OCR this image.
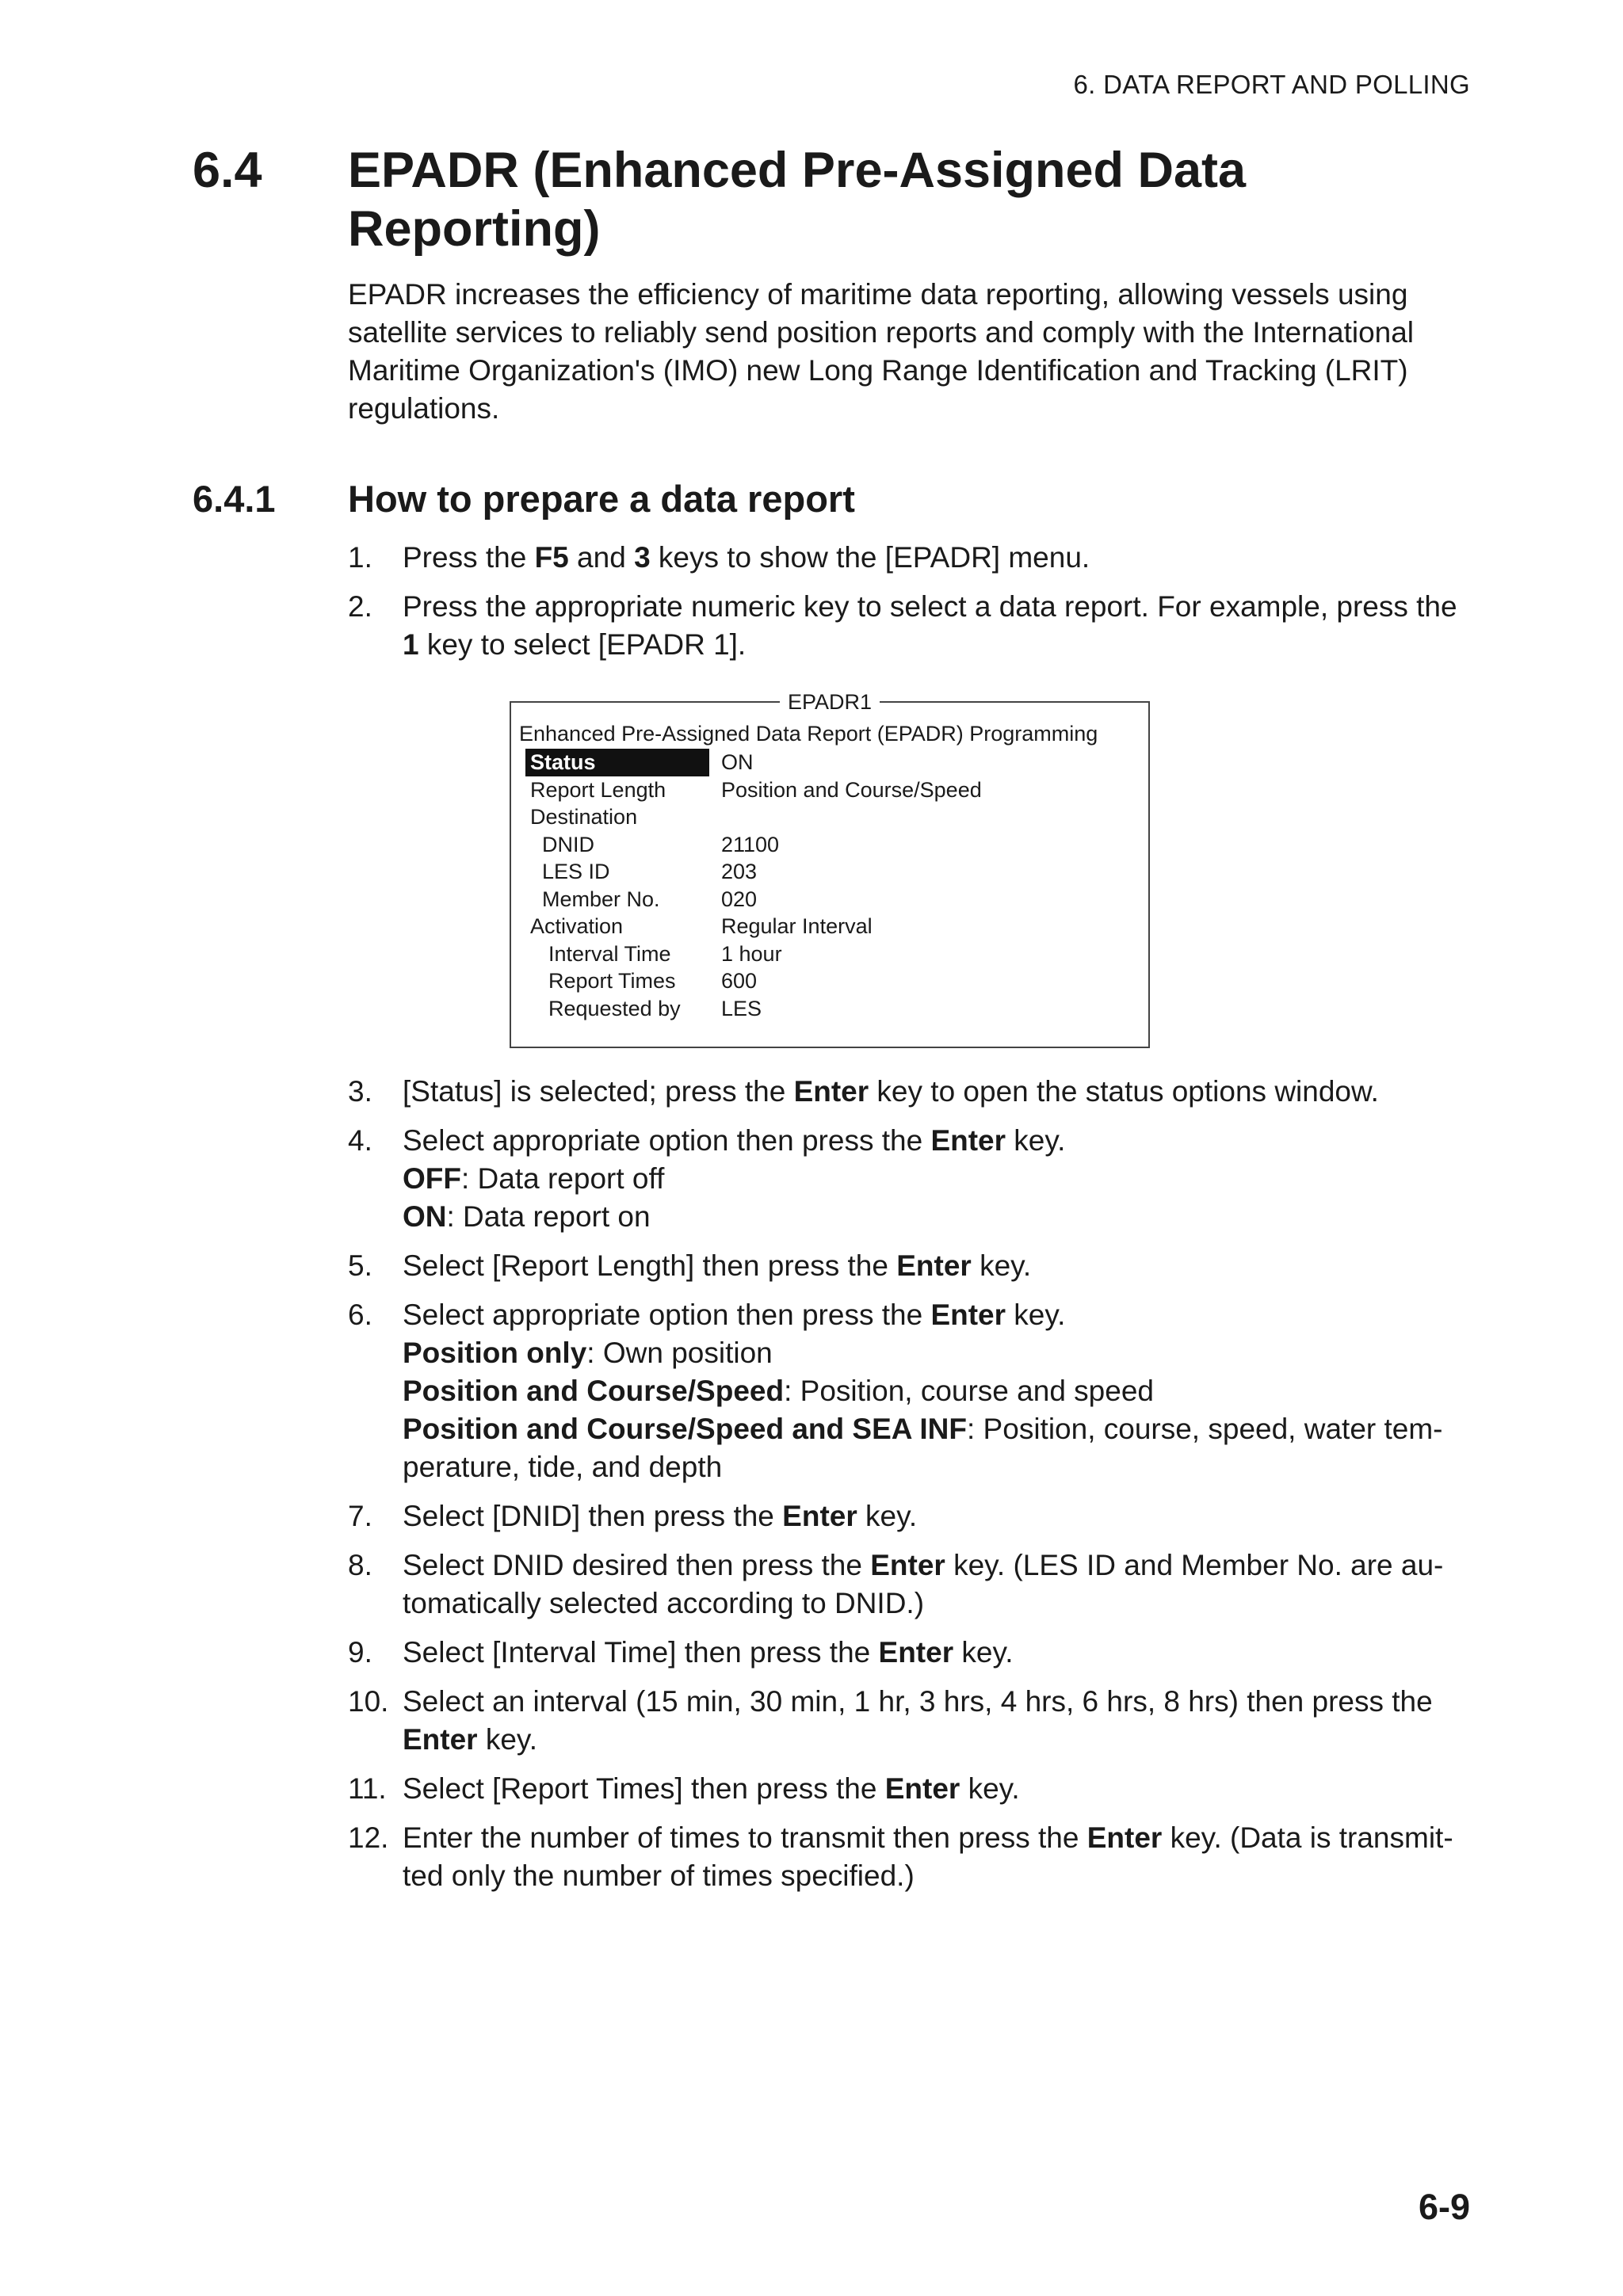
6. DATA REPORT AND POLLING
6.4 EPADR (Enhanced Pre-Assigned Data Reporting)
EPADR increases the efficiency of maritime data reporting, allowing vessels using satellite services to reliably send position reports and comply with the International Maritime Organization's (IMO) new Long Range Identification and Tracking (LRIT) regulations.
6.4.1 How to prepare a data report
1. Press the F5 and 3 keys to show the [EPADR] menu.
2. Press the appropriate numeric key to select a data report. For example, press the 1 key to select [EPADR 1].
EPADR1
Enhanced Pre-Assigned Data Report (EPADR) Programming
Status	ON
Report Length	Position and Course/Speed
Destination
DNID	21100
LES ID	203
Member No.	020
Activation	Regular Interval
Interval Time	1 hour
Report Times	600
Requested by	LES
3. [Status] is selected; press the Enter key to open the status options window.
4. Select appropriate option then press the Enter key.
OFF: Data report off
ON: Data report on
5. Select [Report Length] then press the Enter key.
6. Select appropriate option then press the Enter key.
Position only: Own position
Position and Course/Speed: Position, course and speed
Position and Course/Speed and SEA INF: Position, course, speed, water tem-perature, tide, and depth
7. Select [DNID] then press the Enter key.
8. Select DNID desired then press the Enter key. (LES ID and Member No. are au-tomatically selected according to DNID.)
9. Select [Interval Time] then press the Enter key.
10. Select an interval (15 min, 30 min, 1 hr, 3 hrs, 4 hrs, 6 hrs, 8 hrs) then press the Enter key.
11. Select [Report Times] then press the Enter key.
12. Enter the number of times to transmit then press the Enter key. (Data is transmit-ted only the number of times specified.)
6-9
